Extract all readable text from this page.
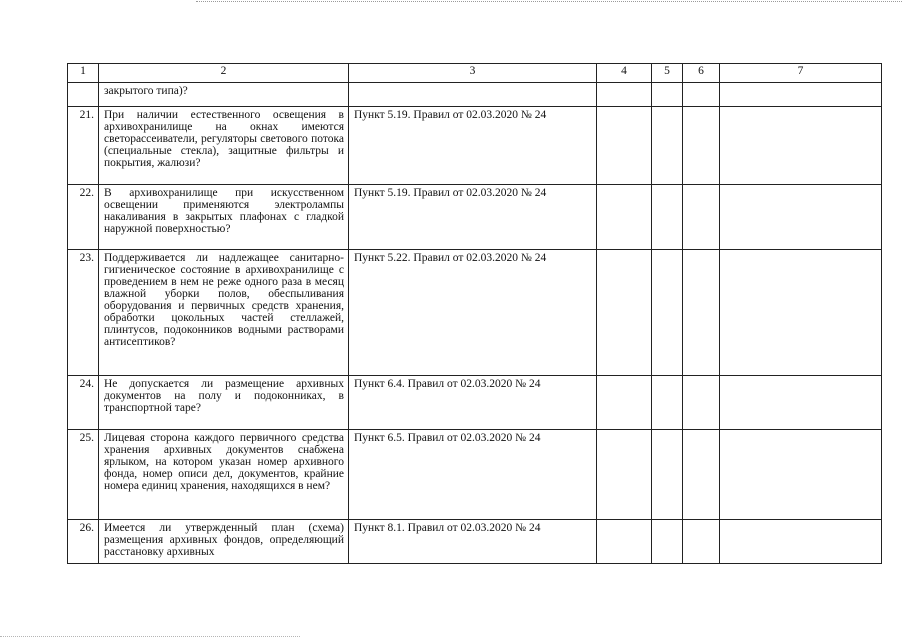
1	2	3	4	5	6	7
	закрытого типа)?					
21.	При наличии естественного освещения в архивохранилище на окнах имеются светорассеиватели, регуляторы светового потока (специальные стекла), защитные фильтры и покрытия, жалюзи?	Пункт 5.19. Правил от 02.03.2020 № 24				
22.	В архивохранилище при искусственном освещении применяются электролампы накаливания в закрытых плафонах с гладкой наружной поверхностью?	Пункт 5.19. Правил от 02.03.2020 № 24				
23.	Поддерживается ли надлежащее санитарно-гигиеническое состояние в архивохранилище с проведением в нем не реже одного раза в месяц влажной уборки полов, обеспыливания оборудования и первичных средств хранения, обработки цокольных частей стеллажей, плинтусов, подоконников водными растворами антисептиков?	Пункт 5.22. Правил от 02.03.2020 № 24				
24.	Не допускается ли размещение архивных документов на полу и подоконниках, в транспортной таре?	Пункт 6.4. Правил от 02.03.2020 № 24				
25.	Лицевая сторона каждого первичного средства хранения архивных документов снабжена ярлыком, на котором указан номер архивного фонда, номер описи дел, документов, крайние номера единиц хранения, находящихся в нем?	Пункт 6.5. Правил от 02.03.2020 № 24				
26.	Имеется ли утвержденный план (схема) размещения архивных фондов, определяющий расстановку архивных	Пункт 8.1. Правил от 02.03.2020 № 24				
